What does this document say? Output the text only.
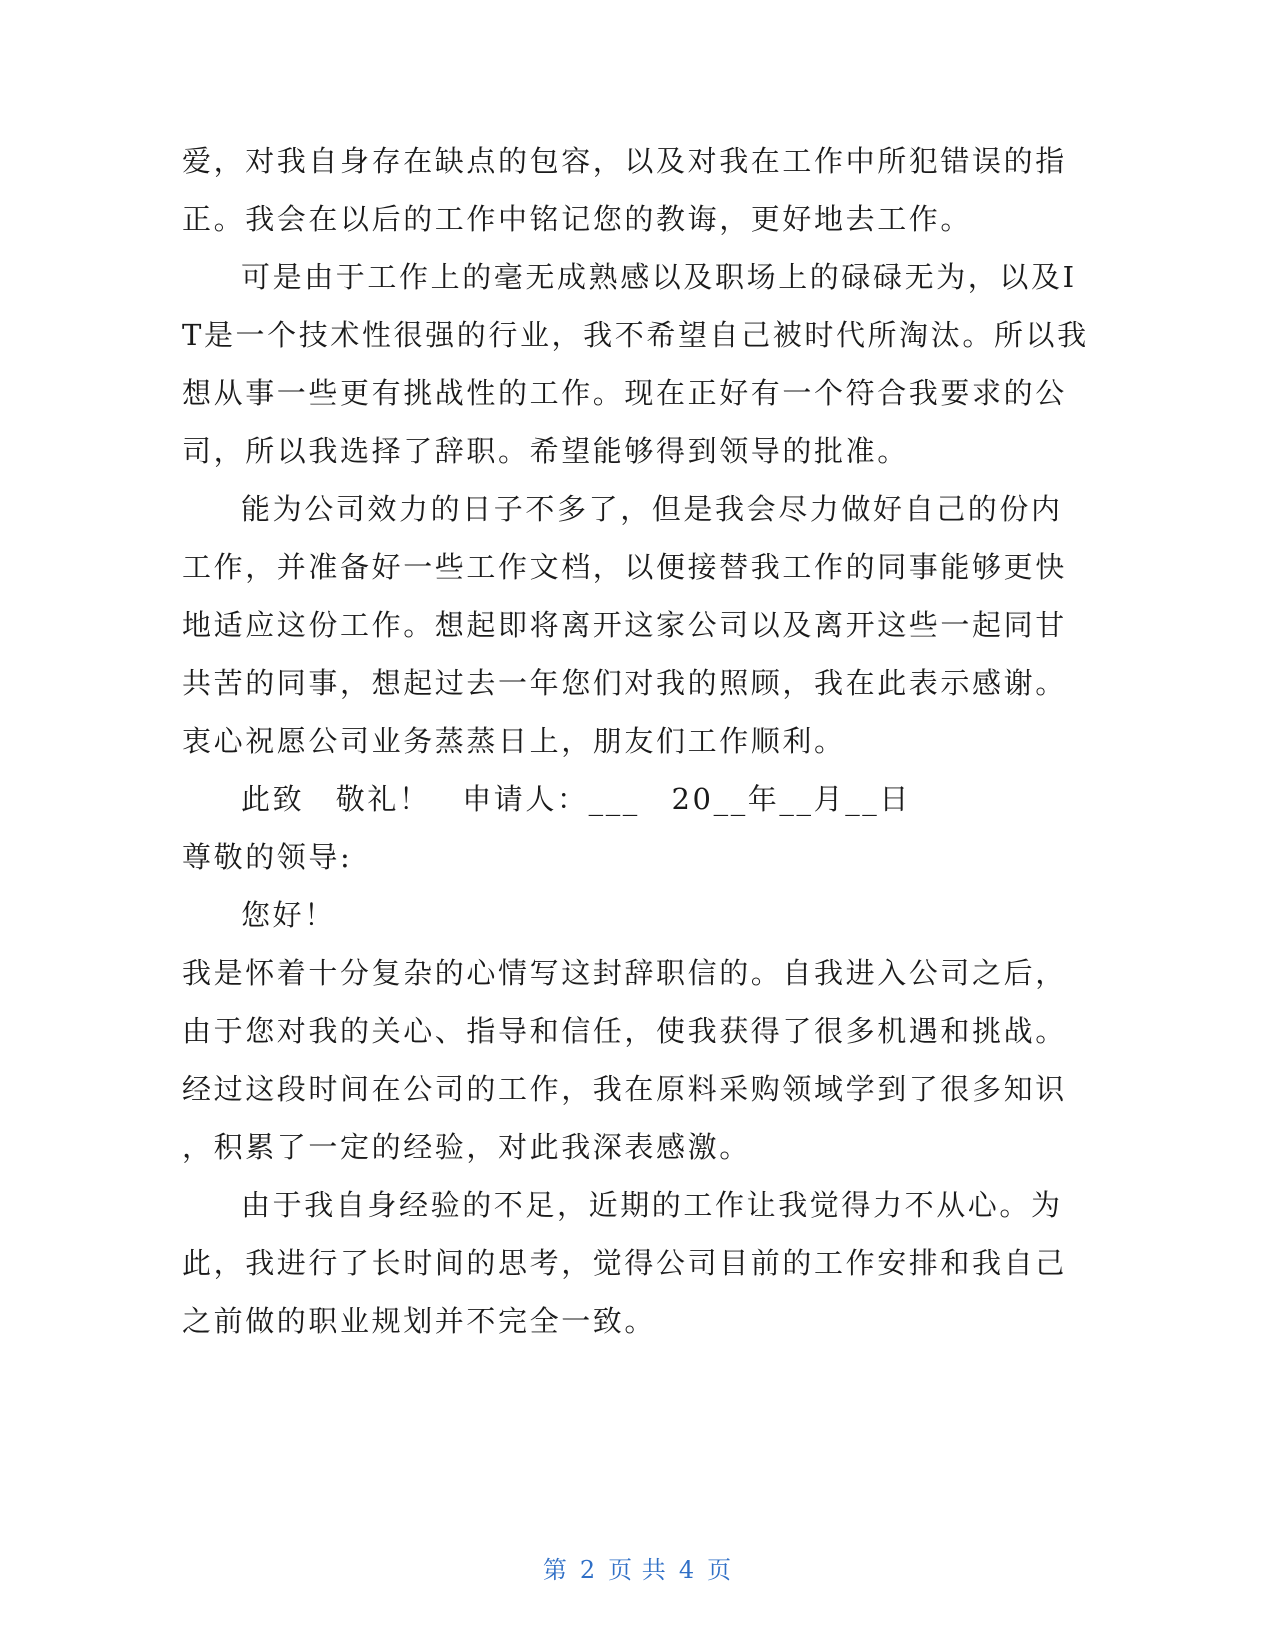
爱，对我自身存在缺点的包容，以及对我在工作中所犯错误的指
正。我会在以后的工作中铭记您的教诲，更好地去工作。
可是由于工作上的毫无成熟感以及职场上的碌碌无为，以及I
T是一个技术性很强的行业，我不希望自己被时代所淘汰。所以我
想从事一些更有挑战性的工作。现在正好有一个符合我要求的公
司，所以我选择了辞职。希望能够得到领导的批准。
能为公司效力的日子不多了，但是我会尽力做好自己的份内
工作，并准备好一些工作文档，以便接替我工作的同事能够更快
地适应这份工作。想起即将离开这家公司以及离开这些一起同甘
共苦的同事，想起过去一年您们对我的照顾，我在此表示感谢。
衷心祝愿公司业务蒸蒸日上，朋友们工作顺利。
此致　敬礼！　申请人：___　20__年__月__日
尊敬的领导:
您好！
我是怀着十分复杂的心情写这封辞职信的。自我进入公司之后，
由于您对我的关心、指导和信任，使我获得了很多机遇和挑战。
经过这段时间在公司的工作，我在原料采购领域学到了很多知识
，积累了一定的经验，对此我深表感激。
由于我自身经验的不足，近期的工作让我觉得力不从心。为
此，我进行了长时间的思考，觉得公司目前的工作安排和我自己
之前做的职业规划并不完全一致。
第 2 页 共 4 页
